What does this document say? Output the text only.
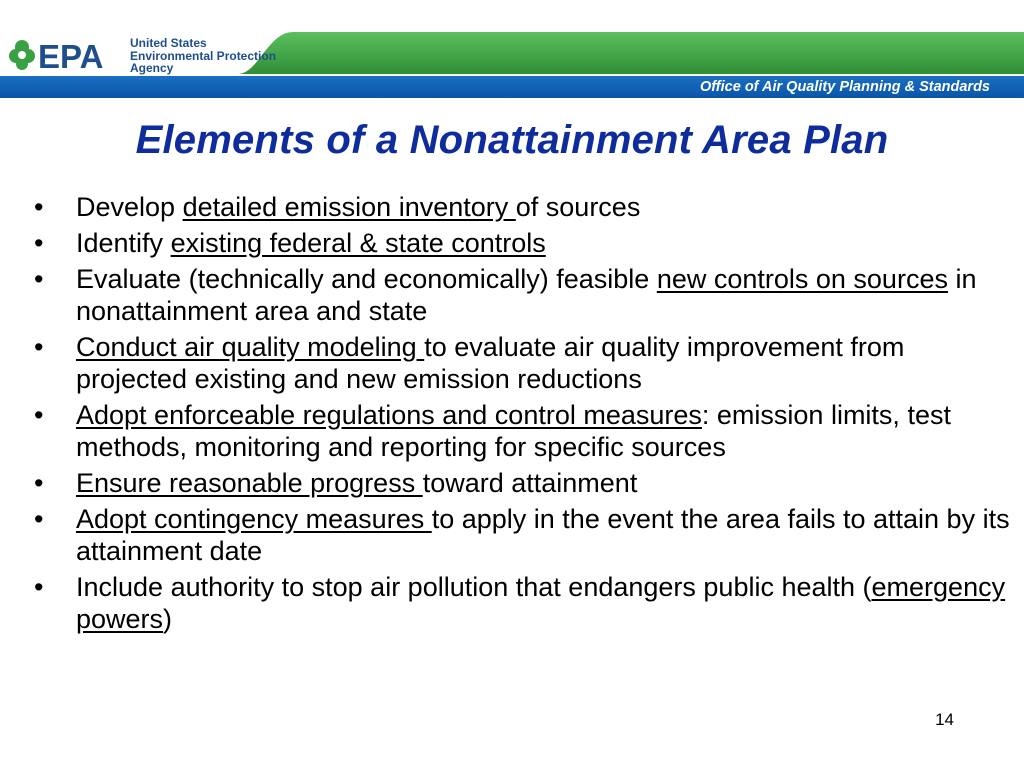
EPA United States
Environmental Protection
Agency
Office of Air Quality Planning & Standards
Elements of a Nonattainment Area Plan
• Develop detailed emission inventory of sources
• Identify existing federal & state controls
• Evaluate (technically and economically) feasible new controls on sources in nonattainment area and state
• Conduct air quality modeling to evaluate air quality improvement from projected existing and new emission reductions
• Adopt enforceable regulations and control measures: emission limits, test methods, monitoring and reporting for specific sources
• Ensure reasonable progress toward attainment
• Adopt contingency measures to apply in the event the area fails to attain by its attainment date
• Include authority to stop air pollution that endangers public health (emergency powers)
14
